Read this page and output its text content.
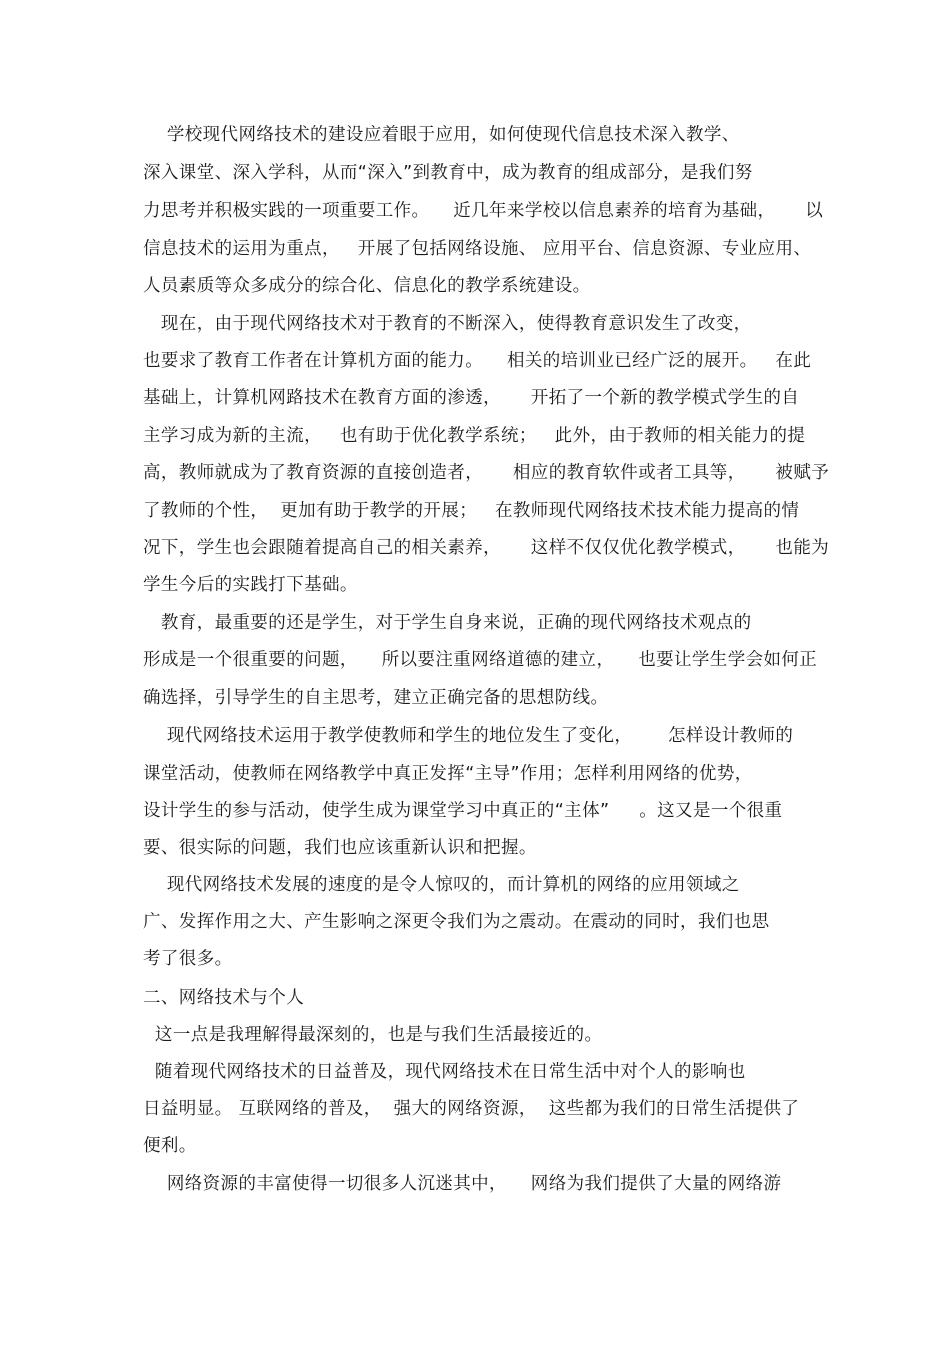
学校现代网络技术的建设应着眼于应用，如何使现代信息技术深入教学、
深入课堂、深入学科，从而“深入”到教育中，成为教育的组成部分，是我们努
力思考并积极实践的一项重要工作。    近几年来学校以信息素养的培育为基础，     以
信息技术的运用为重点，   开展了包括网络设施、 应用平台、信息资源、专业应用、
人员素质等众多成分的综合化、信息化的教学系统建设。
现在，由于现代网络技术对于教育的不断深入，使得教育意识发生了改变，
也要求了教育工作者在计算机方面的能力。    相关的培训业已经广泛的展开。   在此
基础上，计算机网路技术在教育方面的渗透，     开拓了一个新的教学模式学生的自
主学习成为新的主流，   也有助于优化教学系统；   此外，由于教师的相关能力的提
高，教师就成为了教育资源的直接创造者，     相应的教育软件或者工具等，     被赋予
了教师的个性，  更加有助于教学的开展；   在教师现代网络技术技术能力提高的情
况下，学生也会跟随着提高自己的相关素养，     这样不仅仅优化教学模式，     也能为
学生今后的实践打下基础。
教育，最重要的还是学生，对于学生自身来说，正确的现代网络技术观点的
形成是一个很重要的问题，    所以要注重网络道德的建立，    也要让学生学会如何正
确选择，引导学生的自主思考，建立正确完备的思想防线。
现代网络技术运用于教学使教师和学生的地位发生了变化，      怎样设计教师的
课堂活动，使教师在网络教学中真正发挥“主导”作用；怎样利用网络的优势，
设计学生的参与活动，使学生成为课堂学习中真正的“主体”     。这又是一个很重
要、很实际的问题，我们也应该重新认识和把握。
现代网络技术发展的速度的是令人惊叹的，而计算机的网络的应用领域之
广、发挥作用之大、产生影响之深更令我们为之震动。在震动的同时，我们也思
考了很多。
二、网络技术与个人
这一点是我理解得最深刻的，也是与我们生活最接近的。
随着现代网络技术的日益普及，现代网络技术在日常生活中对个人的影响也
日益明显。 互联网络的普及，  强大的网络资源，  这些都为我们的日常生活提供了
便利。
网络资源的丰富使得一切很多人沉迷其中，    网络为我们提供了大量的网络游
